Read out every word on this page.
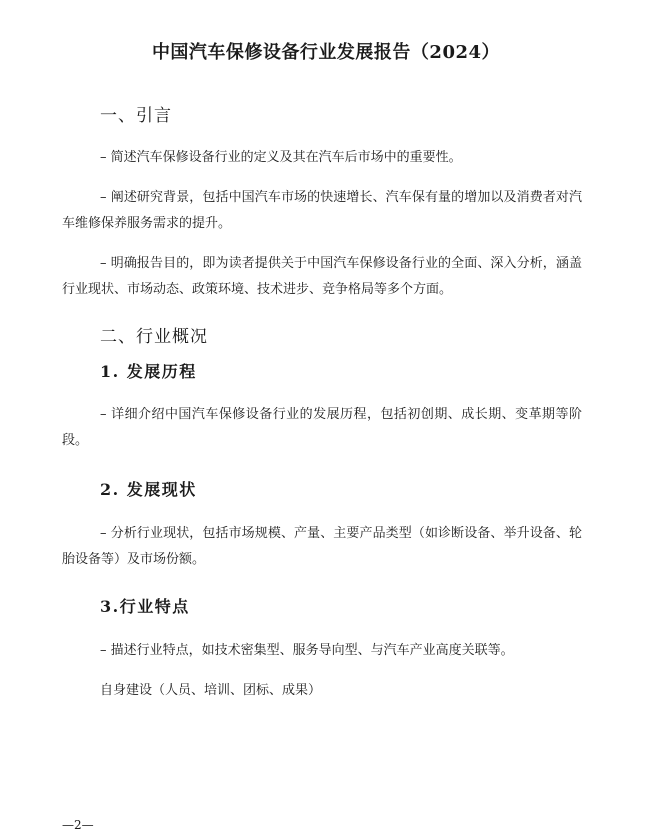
中国汽车保修设备行业发展报告（2024）
一、引言
– 简述汽车保修设备行业的定义及其在汽车后市场中的重要性。
– 阐述研究背景，包括中国汽车市场的快速增长、汽车保有量的增加以及消费者对汽车维修保养服务需求的提升。
– 明确报告目的，即为读者提供关于中国汽车保修设备行业的全面、深入分析，涵盖行业现状、市场动态、政策环境、技术进步、竞争格局等多个方面。
二、行业概况
1. 发展历程
– 详细介绍中国汽车保修设备行业的发展历程，包括初创期、成长期、变革期等阶段。
2. 发展现状
– 分析行业现状，包括市场规模、产量、主要产品类型（如诊断设备、举升设备、轮胎设备等）及市场份额。
3.行业特点
– 描述行业特点，如技术密集型、服务导向型、与汽车产业高度关联等。
自身建设（人员、培训、团标、成果）
—2—
